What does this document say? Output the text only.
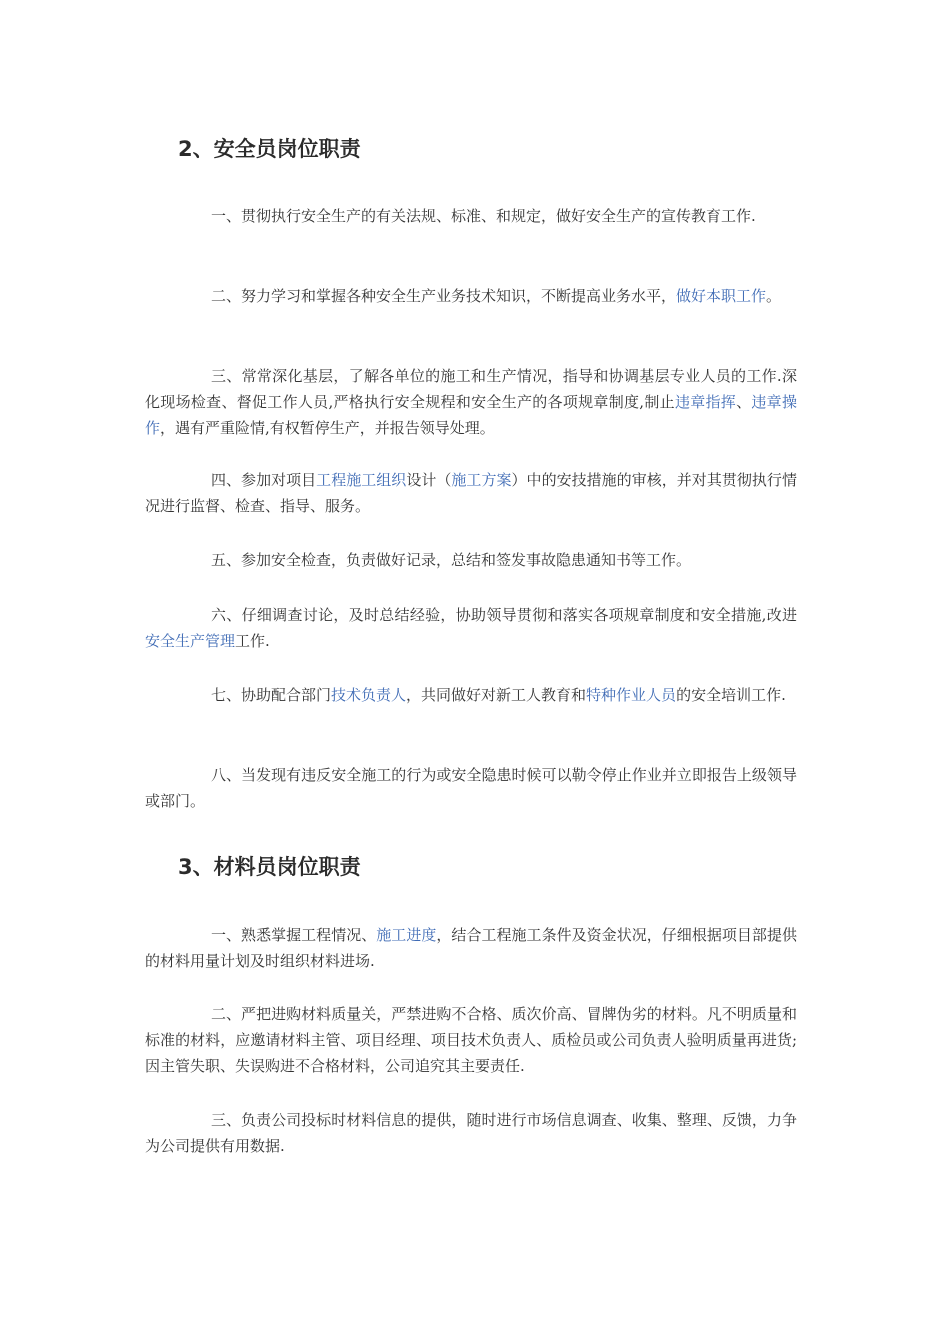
2、安全员岗位职责

一、贯彻执行安全生产的有关法规、标准、和规定，做好安全生产的宣传教育工作.

二、努力学习和掌握各种安全生产业务技术知识，不断提高业务水平，做好本职工作。

三、常常深化基层，了解各单位的施工和生产情况，指导和协调基层专业人员的工作.深化现场检查、督促工作人员,严格执行安全规程和安全生产的各项规章制度,制止违章指挥、违章操作，遇有严重险情,有权暂停生产，并报告领导处理。

四、参加对项目工程施工组织设计（施工方案）中的安技措施的审核，并对其贯彻执行情况进行监督、检查、指导、服务。

五、参加安全检查，负责做好记录，总结和签发事故隐患通知书等工作。

六、仔细调查讨论，及时总结经验，协助领导贯彻和落实各项规章制度和安全措施,改进安全生产管理工作.

七、协助配合部门技术负责人，共同做好对新工人教育和特种作业人员的安全培训工作.

八、当发现有违反安全施工的行为或安全隐患时候可以勒令停止作业并立即报告上级领导或部门。

3、材料员岗位职责

一、熟悉掌握工程情况、施工进度，结合工程施工条件及资金状况，仔细根据项目部提供的材料用量计划及时组织材料进场.

二、严把进购材料质量关，严禁进购不合格、质次价高、冒牌伪劣的材料。凡不明质量和标准的材料，应邀请材料主管、项目经理、项目技术负责人、质检员或公司负责人验明质量再进货;因主管失职、失误购进不合格材料，公司追究其主要责任.

三、负责公司投标时材料信息的提供，随时进行市场信息调查、收集、整理、反馈，力争为公司提供有用数据.
